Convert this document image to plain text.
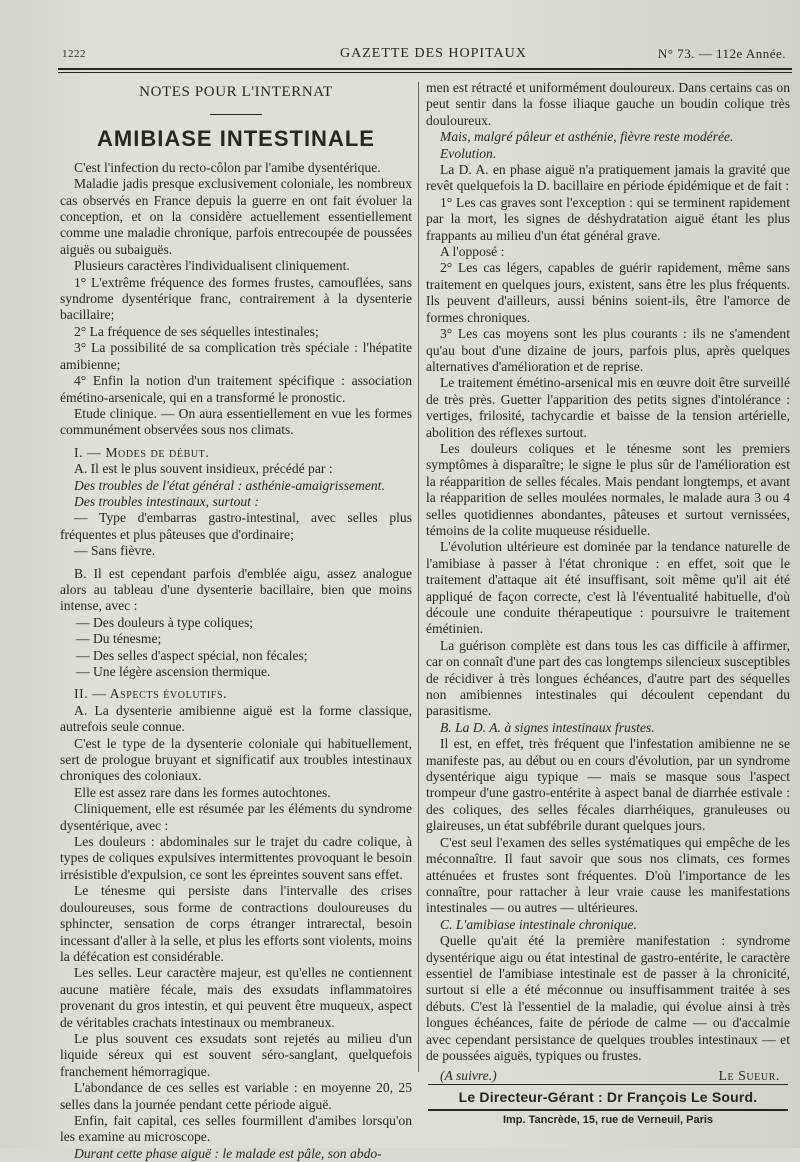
1222	GAZETTE DES HOPITAUX	N° 73. — 112e Année.
NOTES POUR L'INTERNAT
AMIBIASE INTESTINALE

C'est l'infection du recto-côlon par l'amibe dysentérique.

Maladie jadis presque exclusivement coloniale, les nombreux cas observés en France depuis la guerre en ont fait évoluer la conception, et on la considère actuellement essentiellement comme une maladie chronique, parfois entrecoupée de poussées aiguës ou subaiguës.

Plusieurs caractères l'individualisent cliniquement.

1° L'extrême fréquence des formes frustes, camouflées, sans syndrome dysentérique franc, contrairement à la dysenterie bacillaire;

2° La fréquence de ses séquelles intestinales;

3° La possibilité de sa complication très spéciale : l'hépatite amibienne;

4° Enfin la notion d'un traitement spécifique : association émétino-arsenicale, qui en a transformé le pronostic.

Etude clinique. — On aura essentiellement en vue les formes communément observées sous nos climats.

I. — Modes de début.

A. Il est le plus souvent insidieux, précédé par :

Des troubles de l'état général : asthénie-amaigrissement.

Des troubles intestinaux, surtout :

— Type d'embarras gastro-intestinal, avec selles plus fréquentes et plus pâteuses que d'ordinaire;

— Sans fièvre.

B. Il est cependant parfois d'emblée aigu, assez analogue alors au tableau d'une dysenterie bacillaire, bien que moins intense, avec :

— Des douleurs à type coliques;

— Du ténesme;

— Des selles d'aspect spécial, non fécales;

— Une légère ascension thermique.

II. — Aspects évolutifs.

A. La dysenterie amibienne aiguë est la forme classique, autrefois seule connue.

C'est le type de la dysenterie coloniale qui habituellement, sert de prologue bruyant et significatif aux troubles intestinaux chroniques des coloniaux.

Elle est assez rare dans les formes autochtones.

Cliniquement, elle est résumée par les éléments du syndrome dysentérique, avec :

Les douleurs : abdominales sur le trajet du cadre colique, à types de coliques expulsives intermittentes provoquant le besoin irrésistible d'expulsion, ce sont les épreintes souvent sans effet.

Le ténesme qui persiste dans l'intervalle des crises douloureuses, sous forme de contractions douloureuses du sphincter, sensation de corps étranger intrarectal, besoin incessant d'aller à la selle, et plus les efforts sont violents, moins la défécation est considérable.

Les selles. Leur caractère majeur, est qu'elles ne contiennent aucune matière fécale, mais des exsudats inflammatoires provenant du gros intestin, et qui peuvent être muqueux, aspect de véritables crachats intestinaux ou membraneux.

Le plus souvent ces exsudats sont rejetés au milieu d'un liquide séreux qui est souvent séro-sanglant, quelquefois franchement hémorragique.

L'abondance de ces selles est variable : en moyenne 20, 25 selles dans la journée pendant cette période aiguë.

Enfin, fait capital, ces selles fourmillent d'amibes lorsqu'on les examine au microscope.

Durant cette phase aiguë : le malade est pâle, son abdo-

men est rétracté et uniformément douloureux. Dans certains cas on peut sentir dans la fosse iliaque gauche un boudin colique très douloureux.

Mais, malgré pâleur et asthénie, fièvre reste modérée.

Evolution.

La D. A. en phase aiguë n'a pratiquement jamais la gravité que revêt quelquefois la D. bacillaire en période épidémique et de fait :

1° Les cas graves sont l'exception : qui se terminent rapidement par la mort, les signes de déshydratation aiguë étant les plus frappants au milieu d'un état général grave.

A l'opposé :

2° Les cas légers, capables de guérir rapidement, même sans traitement en quelques jours, existent, sans être les plus fréquents. Ils peuvent d'ailleurs, aussi bénins soient-ils, être l'amorce de formes chroniques.

3° Les cas moyens sont les plus courants : ils ne s'amendent qu'au bout d'une dizaine de jours, parfois plus, après quelques alternatives d'amélioration et de reprise.

Le traitement émétino-arsenical mis en œuvre doit être surveillé de très près. Guetter l'apparition des petits signes d'intolérance : vertiges, frilosité, tachycardie et baisse de la tension artérielle, abolition des réflexes surtout.

Les douleurs coliques et le ténesme sont les premiers symptômes à disparaître; le signe le plus sûr de l'amélioration est la réapparition de selles fécales. Mais pendant longtemps, et avant la réapparition de selles moulées normales, le malade aura 3 ou 4 selles quotidiennes abondantes, pâteuses et surtout vernissées, témoins de la colite muqueuse résiduelle.

L'évolution ultérieure est dominée par la tendance naturelle de l'amibiase à passer à l'état chronique : en effet, soit que le traitement d'attaque ait été insuffisant, soit même qu'il ait été appliqué de façon correcte, c'est là l'éventualité habituelle, d'où découle une conduite thérapeutique : poursuivre le traitement émétinien.

La guérison complète est dans tous les cas difficile à affirmer, car on connaît d'une part des cas longtemps silencieux susceptibles de récidiver à très longues échéances, d'autre part des séquelles non amibiennes intestinales qui découlent cependant du parasitisme.

B. La D. A. à signes intestinaux frustes.

Il est, en effet, très fréquent que l'infestation amibienne ne se manifeste pas, au début ou en cours d'évolution, par un syndrome dysentérique aigu typique — mais se masque sous l'aspect trompeur d'une gastro-entérite à aspect banal de diarrhée estivale : des coliques, des selles fécales diarrhéiques, granuleuses ou glaireuses, un état subfébrile durant quelques jours.

C'est seul l'examen des selles systématiques qui empêche de les méconnaître. Il faut savoir que sous nos climats, ces formes atténuées et frustes sont fréquentes. D'où l'importance de les connaître, pour rattacher à leur vraie cause les manifestations intestinales — ou autres — ultérieures.

C. L'amibiase intestinale chronique.

Quelle qu'ait été la première manifestation : syndrome dysentérique aigu ou état intestinal de gastro-entérite, le caractère essentiel de l'amibiase intestinale est de passer à la chronicité, surtout si elle a été méconnue ou insuffisamment traitée à ses débuts. C'est là l'essentiel de la maladie, qui évolue ainsi à très longues échéances, faite de période de calme — ou d'accalmie avec cependant persistance de quelques troubles intestinaux — et de poussées aiguës, typiques ou frustes.

(A suivre.)	Le Sueur.

Le Directeur-Gérant : Dr François Le Sourd.
Imp. Tancrède, 15, rue de Verneuil, Paris
